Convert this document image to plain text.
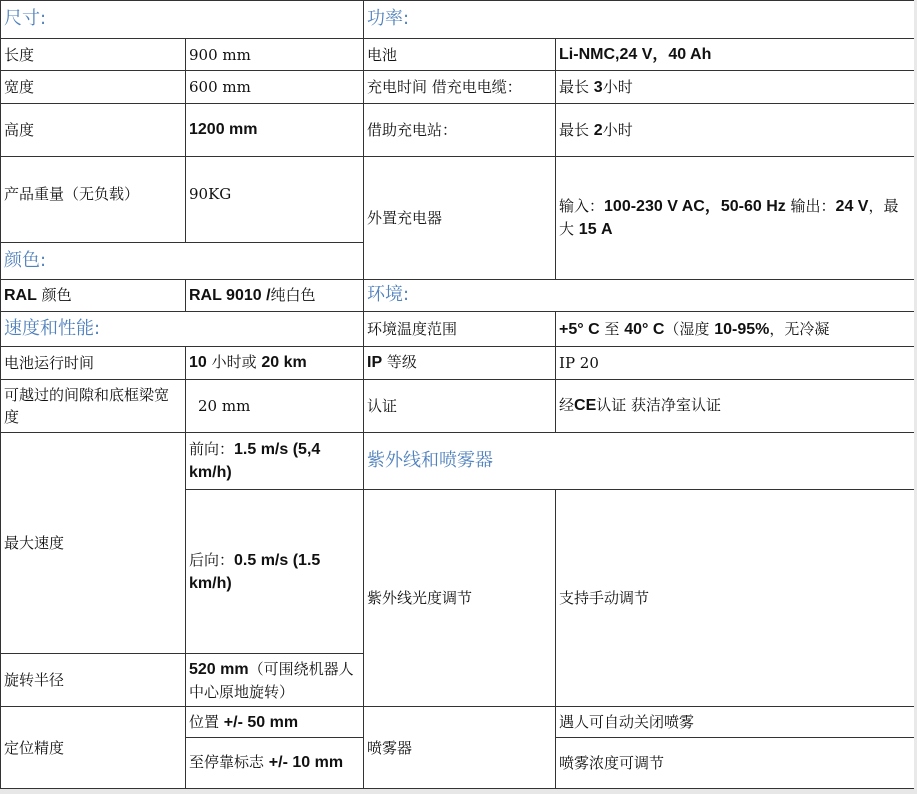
尺寸:		功率:	
长度	900 mm	电池	Li-NMC,24 V，40 Ah
宽度	600 mm	充电时间 借充电电缆：	最长 3小时
高度	1200 mm	借助充电站：	最长 2小时
产品重量（无负载）	90KG	外置充电器	输入：100-230 V AC，50-60 Hz 输出：24 V，最大 15 A
颜色:			
RAL 颜色	RAL 9010 /纯白色	环境:	
速度和性能:		环境温度范围	+5° C 至 40° C（湿度 10-95%，无冷凝
电池运行时间	10 小时或 20 km	IP 等级	IP 20
可越过的间隙和底框梁宽度	20 mm	认证	经CE认证 获洁净室认证
最大速度	前向：1.5 m/s (5,4 km/h)	紫外线和喷雾器	
	后向：0.5 m/s (1.5 km/h)	紫外线光度调节	支持手动调节
旋转半径	520 mm（可围绕机器人中心原地旋转）		
定位精度	位置 +/- 50 mm	喷雾器	遇人可自动关闭喷雾
	至停靠标志 +/- 10 mm		喷雾浓度可调节
